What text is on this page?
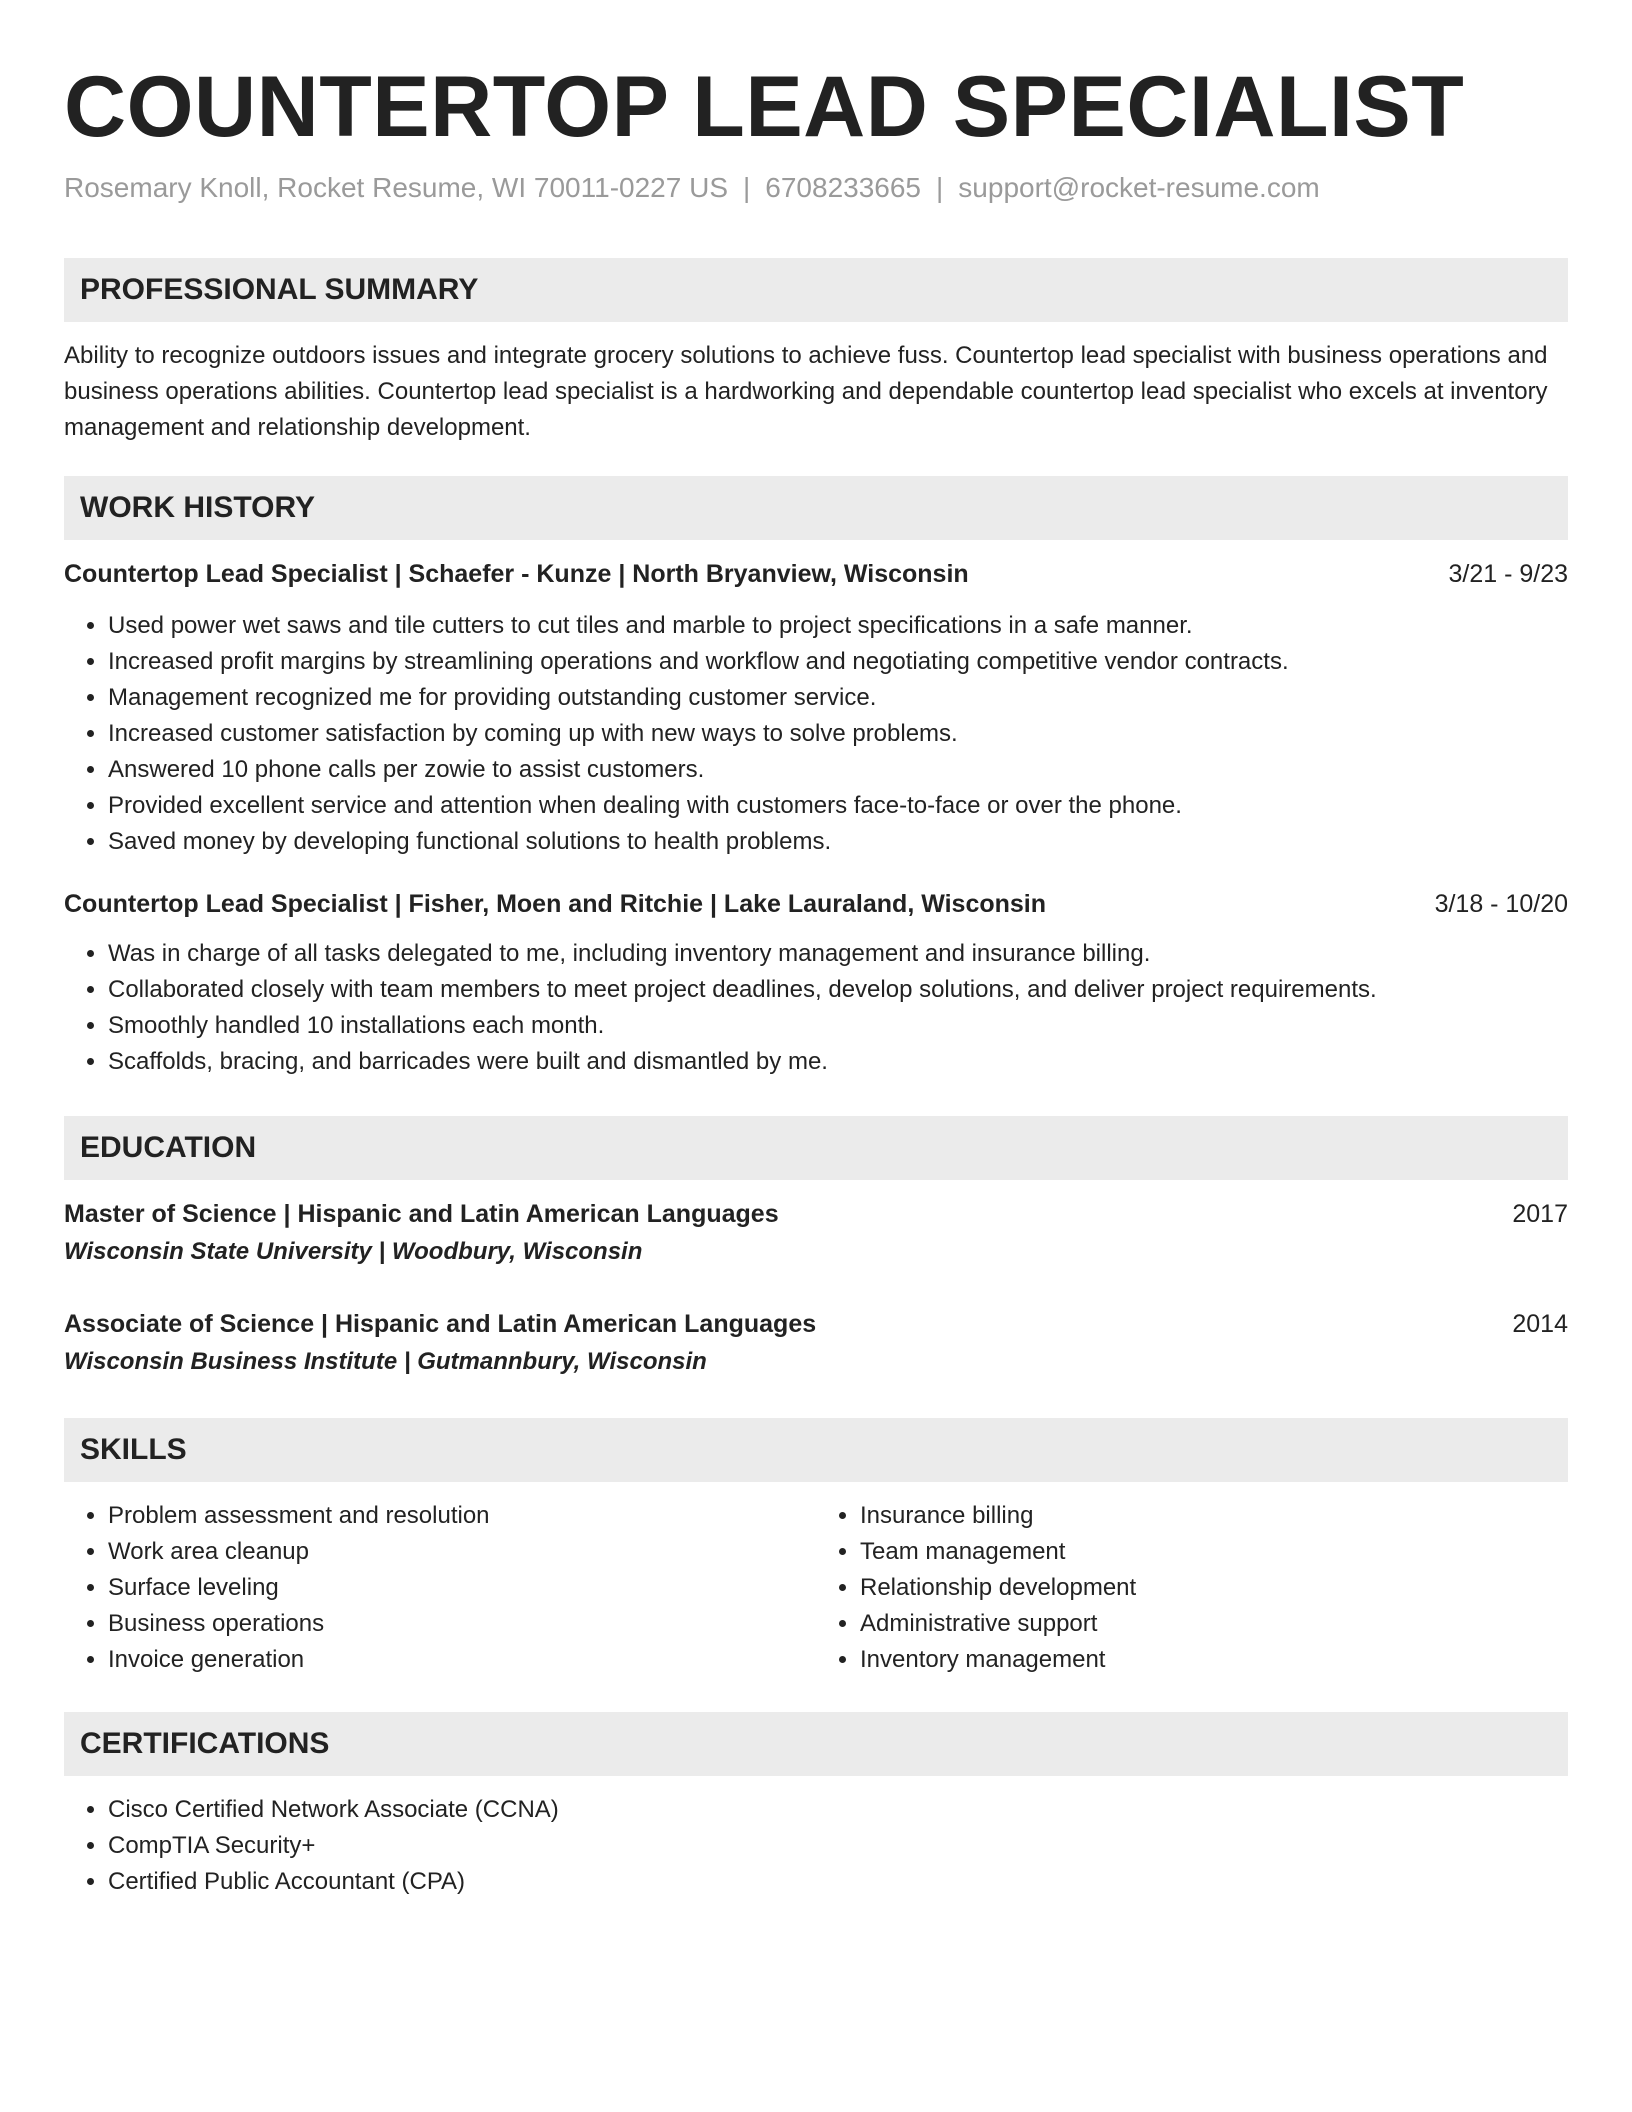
COUNTERTOP LEAD SPECIALIST
Rosemary Knoll, Rocket Resume, WI 70011-0227 US | 6708233665 | support@rocket-resume.com
PROFESSIONAL SUMMARY

Ability to recognize outdoors issues and integrate grocery solutions to achieve fuss. Countertop lead specialist with business operations and business operations abilities. Countertop lead specialist is a hardworking and dependable countertop lead specialist who excels at inventory management and relationship development.

WORK HISTORY
Countertop Lead Specialist | Schaefer - Kunze | North Bryanview, Wisconsin	3/21 - 9/23
• Used power wet saws and tile cutters to cut tiles and marble to project specifications in a safe manner.
• Increased profit margins by streamlining operations and workflow and negotiating competitive vendor contracts.
• Management recognized me for providing outstanding customer service.
• Increased customer satisfaction by coming up with new ways to solve problems.
• Answered 10 phone calls per zowie to assist customers.
• Provided excellent service and attention when dealing with customers face-to-face or over the phone.
• Saved money by developing functional solutions to health problems.
Countertop Lead Specialist | Fisher, Moen and Ritchie | Lake Lauraland, Wisconsin	3/18 - 10/20
• Was in charge of all tasks delegated to me, including inventory management and insurance billing.
• Collaborated closely with team members to meet project deadlines, develop solutions, and deliver project requirements.
• Smoothly handled 10 installations each month.
• Scaffolds, bracing, and barricades were built and dismantled by me.
EDUCATION
Master of Science | Hispanic and Latin American Languages	2017
Wisconsin State University | Woodbury, Wisconsin
Associate of Science | Hispanic and Latin American Languages	2014
Wisconsin Business Institute | Gutmannbury, Wisconsin
SKILLS
• Problem assessment and resolution
• Work area cleanup
• Surface leveling
• Business operations
• Invoice generation
• Insurance billing
• Team management
• Relationship development
• Administrative support
• Inventory management
CERTIFICATIONS
• Cisco Certified Network Associate (CCNA)
• CompTIA Security+
• Certified Public Accountant (CPA)
